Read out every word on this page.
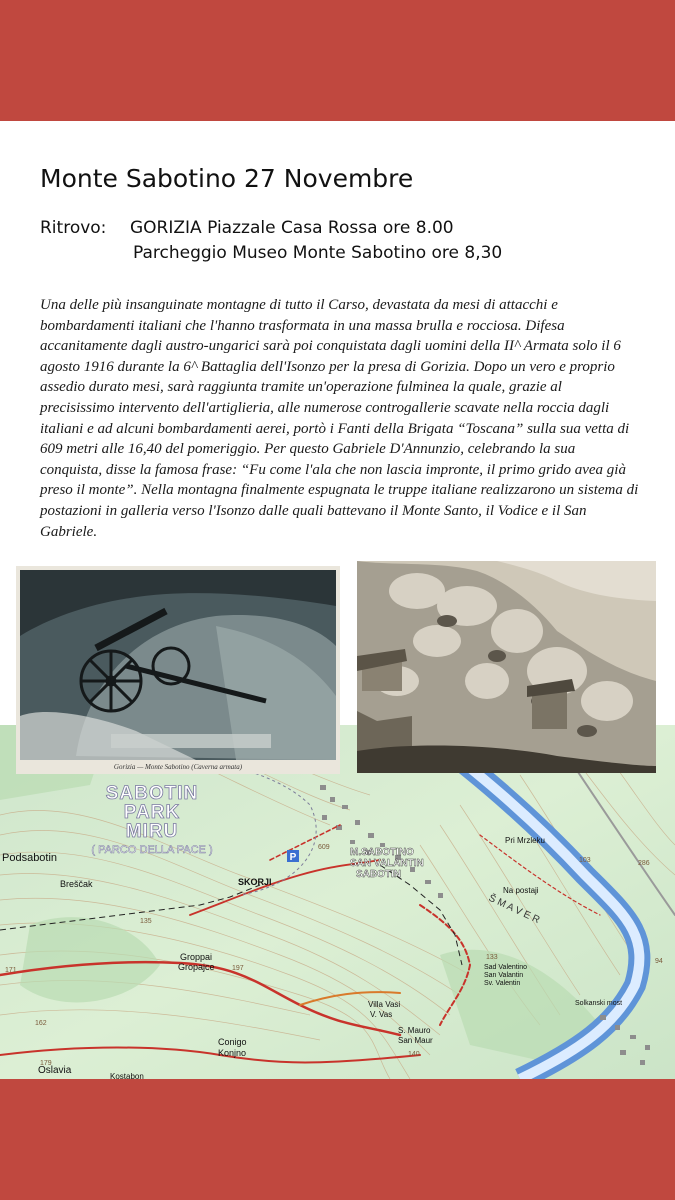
Monte Sabotino 27 Novembre
Ritrovo: GORIZIA Piazzale Casa Rossa ore 8.00
Parcheggio Museo Monte Sabotino ore 8,30
Una delle più insanguinate montagne di tutto il Carso, devastata da mesi di attacchi e bombardamenti italiani che l'hanno trasformata in una massa brulla e rocciosa. Difesa accanitamente dagli austro-ungarici sarà poi conquistata dagli uomini della II^ Armata solo il 6 agosto 1916 durante la 6^ Battaglia dell'Isonzo per la presa di Gorizia. Dopo un vero e proprio assedio durato mesi, sarà raggiunta tramite un'operazione fulminea la quale, grazie al precisissimo intervento dell'artiglieria, alle numerose controgallerie scavate nella roccia dagli italiani e ad alcuni bombardamenti aerei, portò i Fanti della Brigata “Toscana” sulla sua vetta di 609 metri alle 16,40 del pomeriggio. Per questo Gabriele D'Annunzio, celebrando la sua conquista, disse la famosa frase: “Fu come l'ala che non lascia impronte, il primo grido avea già preso il monte”. Nella montagna finalmente espugnata le truppe italiane realizzarono un sistema di postazioni in galleria verso l'Isonzo dalle quali battevano il Monte Santo, il Vodice e il San Gabriele.
P
SABOTIN
PARK
MIRU
( PARCO DELLA PACE )
Podsabotin
Breščak	SKORJI
Groppai
Gropajce
M.SABOTINO
SAN VALANTIN
SABOTIN
Š M A V E R
Pri Mrzleku
Na postaji
Sad Valentino
San Valantin
Sv. Valentin
Villa Vasi
V. Vas
S. Mauro
San Maur
Conigo
Konjno
Oslavia
Kostabon
Solkanski most
135
197
162
171
179
140
286
94
133
609
103
Gorizia — Monte Sabotino (Caverna armata)
